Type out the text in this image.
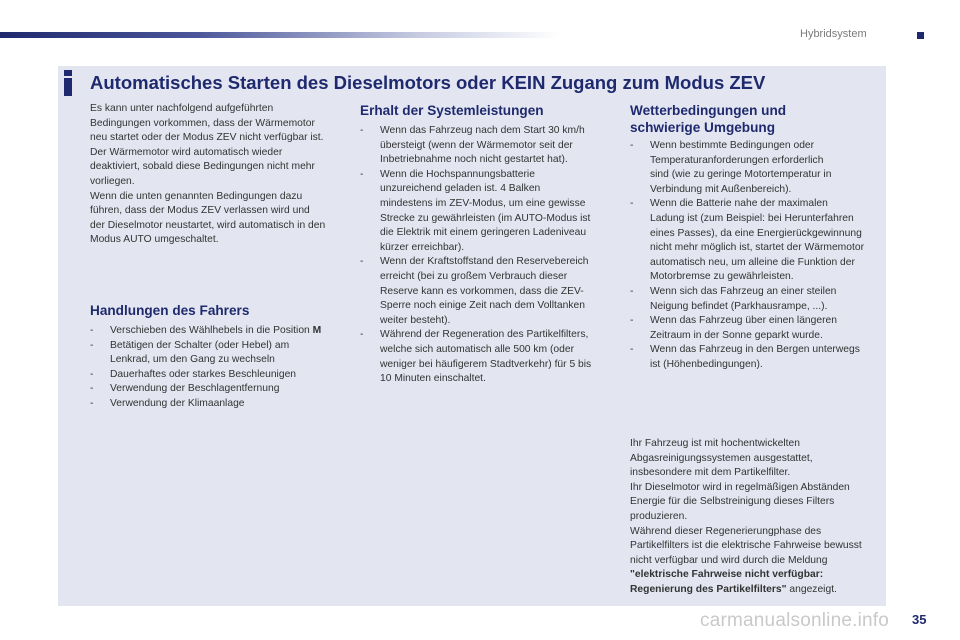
Hybridsystem
Automatisches Starten des Dieselmotors oder KEIN Zugang zum Modus ZEV
Es kann unter nachfolgend aufgeführten
Bedingungen vorkommen, dass der Wärmemotor
neu startet oder der Modus ZEV nicht verfügbar ist.
Der Wärmemotor wird automatisch wieder
deaktiviert, sobald diese Bedingungen nicht mehr
vorliegen.
Wenn die unten genannten Bedingungen dazu
führen, dass der Modus ZEV verlassen wird und
der Dieselmotor neustartet, wird automatisch in den
Modus AUTO umgeschaltet.
Handlungen des Fahrers
- Verschieben des Wählhebels in die Position M
- Betätigen der Schalter (oder Hebel) am
Lenkrad, um den Gang zu wechseln
- Dauerhaftes oder starkes Beschleunigen
- Verwendung der Beschlagentfernung
- Verwendung der Klimaanlage
Erhalt der Systemleistungen
- Wenn das Fahrzeug nach dem Start 30 km/h
übersteigt (wenn der Wärmemotor seit der
Inbetriebnahme noch nicht gestartet hat).
- Wenn die Hochspannungsbatterie
unzureichend geladen ist. 4 Balken
mindestens im ZEV-Modus, um eine gewisse
Strecke zu gewährleisten (im AUTO-Modus ist
die Elektrik mit einem geringeren Ladeniveau
kürzer erreichbar).
- Wenn der Kraftstoffstand den Reservebereich
erreicht (bei zu großem Verbrauch dieser
Reserve kann es vorkommen, dass die ZEV-
Sperre noch einige Zeit nach dem Volltanken
weiter besteht).
- Während der Regeneration des Partikelfilters,
welche sich automatisch alle 500 km (oder
weniger bei häufigerem Stadtverkehr) für 5 bis
10 Minuten einschaltet.
Wetterbedingungen und
schwierige Umgebung
- Wenn bestimmte Bedingungen oder
Temperaturanforderungen erforderlich
sind (wie zu geringe Motortemperatur in
Verbindung mit Außenbereich).
- Wenn die Batterie nahe der maximalen
Ladung ist (zum Beispiel: bei Herunterfahren
eines Passes), da eine Energierückgewinnung
nicht mehr möglich ist, startet der Wärmemotor
automatisch neu, um alleine die Funktion der
Motorbremse zu gewährleisten.
- Wenn sich das Fahrzeug an einer steilen
Neigung befindet (Parkhausrampe, ...).
- Wenn das Fahrzeug über einen längeren
Zeitraum in der Sonne geparkt wurde.
- Wenn das Fahrzeug in den Bergen unterwegs
ist (Höhenbedingungen).
Ihr Fahrzeug ist mit hochentwickelten
Abgasreinigungssystemen ausgestattet,
insbesondere mit dem Partikelfilter.
Ihr Dieselmotor wird in regelmäßigen Abständen
Energie für die Selbstreinigung dieses Filters
produzieren.
Während dieser Regenerierungphase des
Partikelfilters ist die elektrische Fahrweise bewusst
nicht verfügbar und wird durch die Meldung
"elektrische Fahrweise nicht verfügbar:
Regenierung des Partikelfilters" angezeigt.
carmanualsonline.info 35
